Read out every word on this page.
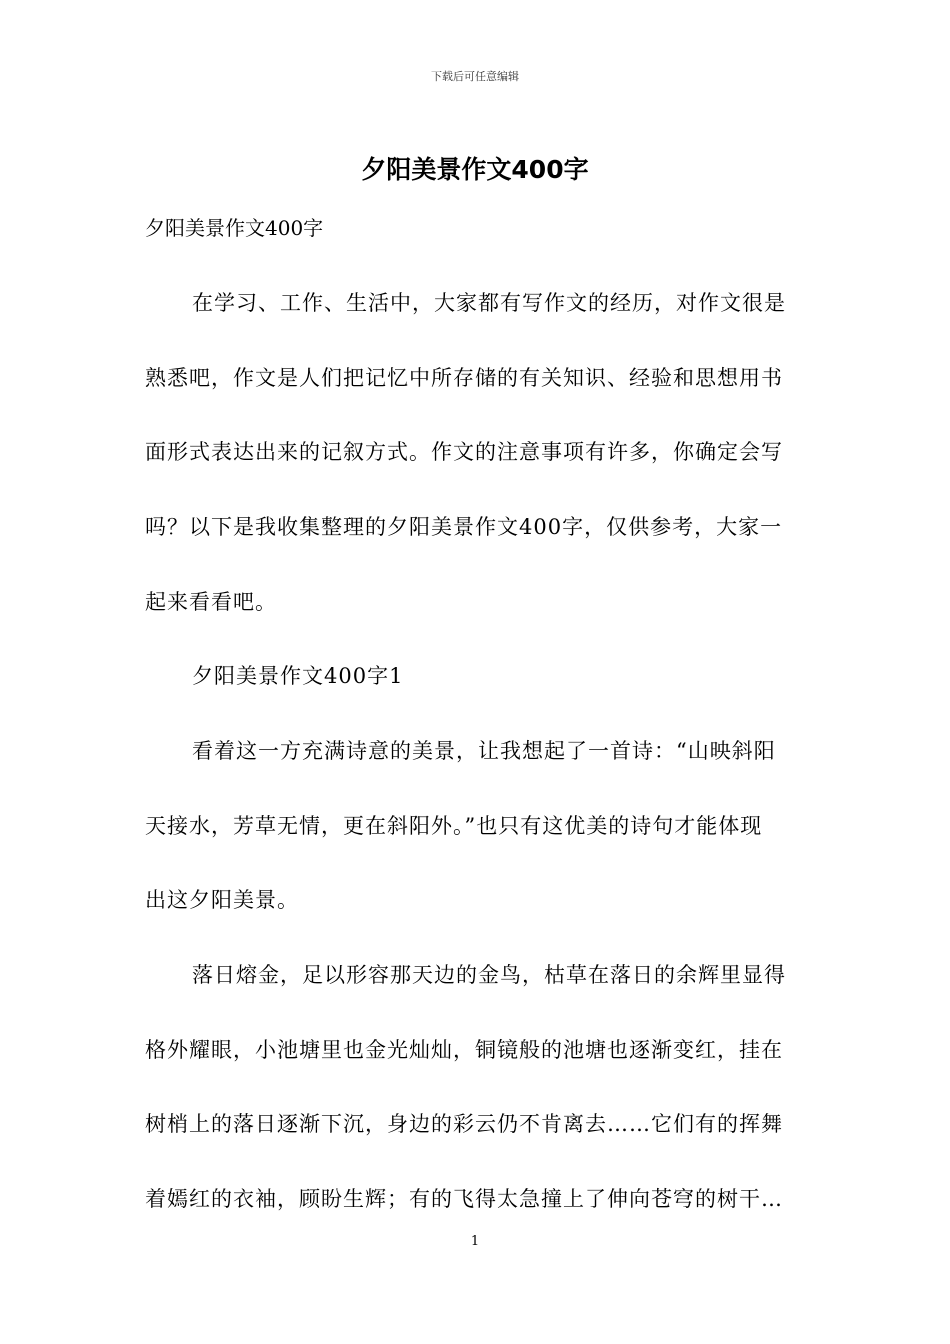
下载后可任意编辑
夕阳美景作文400字
夕阳美景作文400字
在学习、工作、生活中，大家都有写作文的经历，对作文很是
熟悉吧，作文是人们把记忆中所存储的有关知识、经验和思想用书
面形式表达出来的记叙方式。作文的注意事项有许多，你确定会写
吗？以下是我收集整理的夕阳美景作文400字，仅供参考，大家一
起来看看吧。
夕阳美景作文400字1
看着这一方充满诗意的美景，让我想起了一首诗：“山映斜阳
天接水，芳草无情，更在斜阳外。”也只有这优美的诗句才能体现
出这夕阳美景。
落日熔金，足以形容那天边的金鸟，枯草在落日的余辉里显得
格外耀眼，小池塘里也金光灿灿，铜镜般的池塘也逐渐变红，挂在
树梢上的落日逐渐下沉，身边的彩云仍不肯离去……它们有的挥舞
着嫣红的衣袖，顾盼生辉；有的飞得太急撞上了伸向苍穹的树干…
1
